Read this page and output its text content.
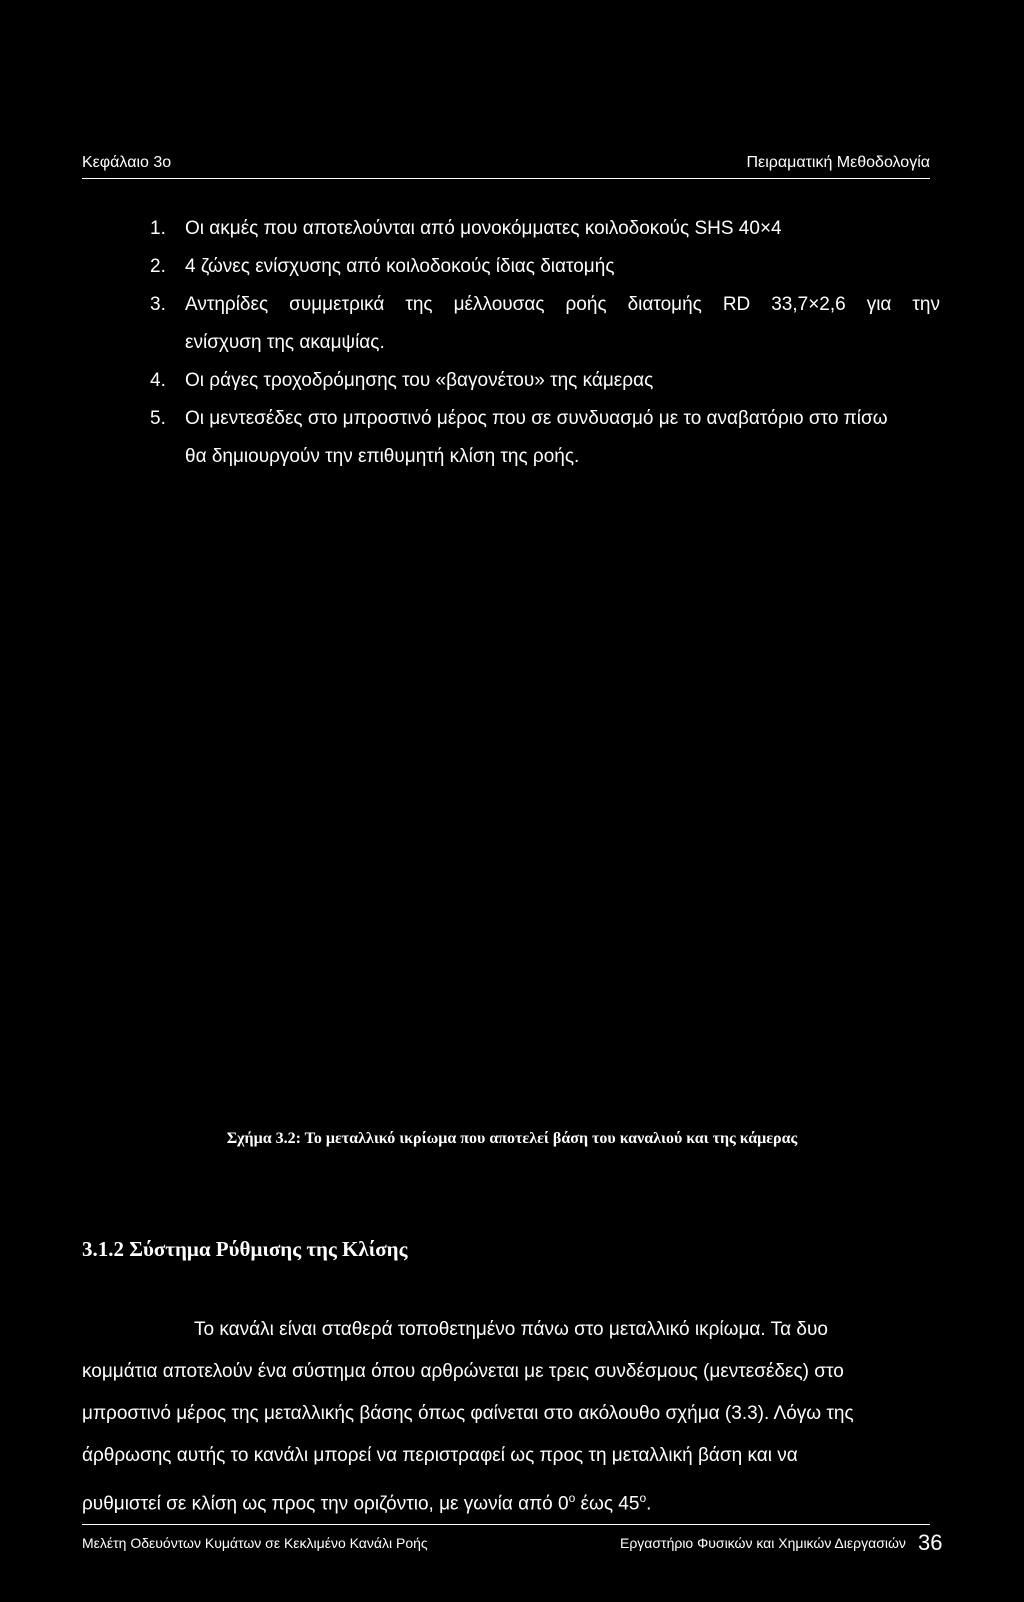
Κεφάλαιο 3ο	Πειραματική Μεθοδολογία
1.	Οι ακμές που αποτελούνται από μονοκόμματες κοιλοδοκούς SHS 40×4
2.	4 ζώνες ενίσχυσης από κοιλοδοκούς ίδιας διατομής
3.	Αντηρίδες συμμετρικά της μέλλουσας ροής διατομής RD 33,7×2,6 για την
ενίσχυση της ακαμψίας.
4.	Οι ράγες τροχοδρόμησης του «βαγονέτου» της κάμερας
5.	Οι μεντεσέδες στο μπροστινό μέρος που σε συνδυασμό με το αναβατόριο στο πίσω
θα δημιουργούν την επιθυμητή κλίση της ροής.
Σχήμα 3.2: Το μεταλλικό ικρίωμα που αποτελεί βάση του καναλιού και της κάμερας
3.1.2 Σύστημα Ρύθμισης της Κλίσης
Το κανάλι είναι σταθερά τοποθετημένο πάνω στο μεταλλικό ικρίωμα. Τα δυο
κομμάτια αποτελούν ένα σύστημα όπου αρθρώνεται με τρεις συνδέσμους (μεντεσέδες) στο
μπροστινό μέρος της μεταλλικής βάσης όπως φαίνεται στο ακόλουθο σχήμα (3.3). Λόγω της
άρθρωσης αυτής το κανάλι μπορεί να περιστραφεί ως προς τη μεταλλική βάση και να
ρυθμιστεί σε κλίση ως προς την οριζόντιο, με γωνία από 0$^o$ έως 45$^o$.
Μελέτη Οδευόντων Κυμάτων σε Κεκλιμένο Κανάλι Ροής	Εργαστήριο Φυσικών και Χημικών Διεργασιών 36
